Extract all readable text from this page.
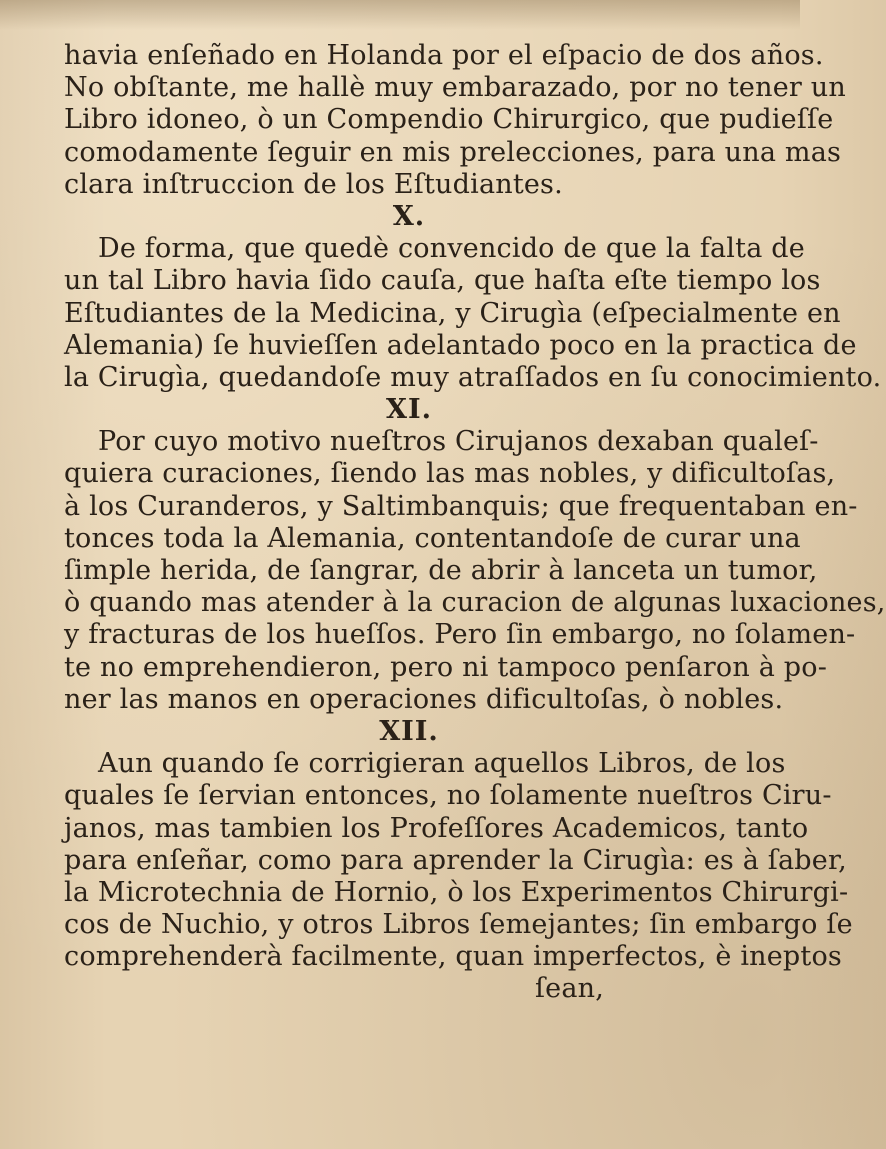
havia enſeñado en Holanda por el eſpacio de dos años.
No obſtante, me hallè muy embarazado, por no tener un
Libro idoneo, ò un Compendio Chirurgico, que pudieſſe
comodamente ſeguir en mis prelecciones, para una mas
clara inſtruccion de los Eſtudiantes.
X.
De forma, que quedè convencido de que la falta de
un tal Libro havia ſido cauſa, que haſta eſte tiempo los
Eſtudiantes de la Medicina, y Cirugìa (eſpecialmente en
Alemania) ſe huvieſſen adelantado poco en la practica de
la Cirugìa, quedandoſe muy atraſſados en ſu conocimiento.
XI.
Por cuyo motivo nueſtros Cirujanos dexaban qualeſ-
quiera curaciones, ſiendo las mas nobles, y dificultoſas,
à los Curanderos, y Saltimbanquis; que frequentaban en-
tonces toda la Alemania, contentandoſe de curar una
ſimple herida, de ſangrar, de abrir à lanceta un tumor,
ò quando mas atender à la curacion de algunas luxaciones,
y fracturas de los hueſſos. Pero ſin embargo, no ſolamen-
te no emprehendieron, pero ni tampoco penſaron à po-
ner las manos en operaciones dificultoſas, ò nobles.
XII.
Aun quando ſe corrigieran aquellos Libros, de los
quales ſe ſervian entonces, no ſolamente nueſtros Ciru-
janos, mas tambien los Profeſſores Academicos, tanto
para enſeñar, como para aprender la Cirugìa: es à ſaber,
la Microtechnia de Hornio, ò los Experimentos Chirurgi-
cos de Nuchio, y otros Libros ſemejantes; ſin embargo ſe
comprehenderà facilmente, quan imperfectos, è ineptos
ſean,
